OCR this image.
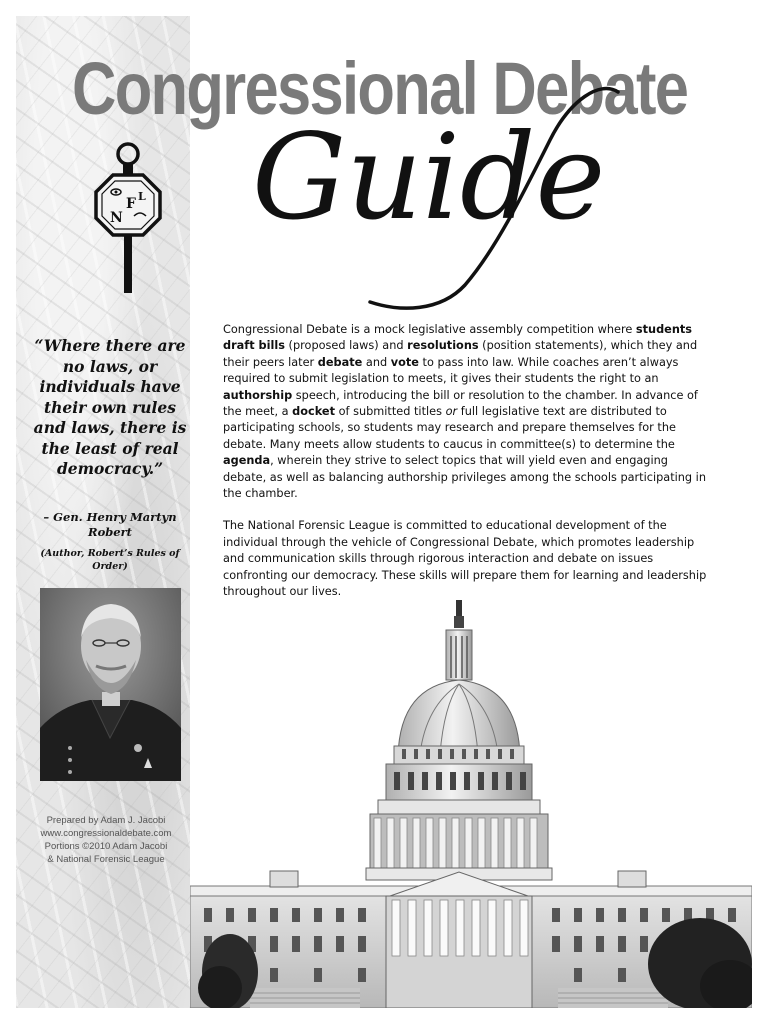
Congressional Debate
Guide
F
N
L

“Where there are no laws, or individuals have their own rules and laws, there is the least of real democracy.”

– Gen. Henry Martyn Robert

(Author, Robert’s Rules of Order)

Prepared by Adam J. Jacobi
www.congressionaldebate.com
Portions ©2010 Adam Jacobi
& National Forensic League

Congressional Debate is a mock legislative assembly competition where students draft bills (proposed laws) and resolutions (position statements), which they and their peers later debate and vote to pass into law. While coaches aren’t always required to submit legislation to meets, it gives their students the right to an authorship speech, introducing the bill or resolution to the chamber. In advance of the meet, a docket of submitted titles or full legislative text are distributed to participating schools, so students may research and prepare themselves for the debate. Many meets allow students to caucus in committee(s) to determine the agenda, wherein they strive to select topics that will yield even and engaging debate, as well as balancing authorship privileges among the schools participating in the chamber.

The National Forensic League is committed to educational development of the individual through the vehicle of Congressional Debate, which promotes leadership and communication skills through rigorous interaction and debate on issues confronting our democracy. These skills will prepare them for learning and leadership throughout our lives.
